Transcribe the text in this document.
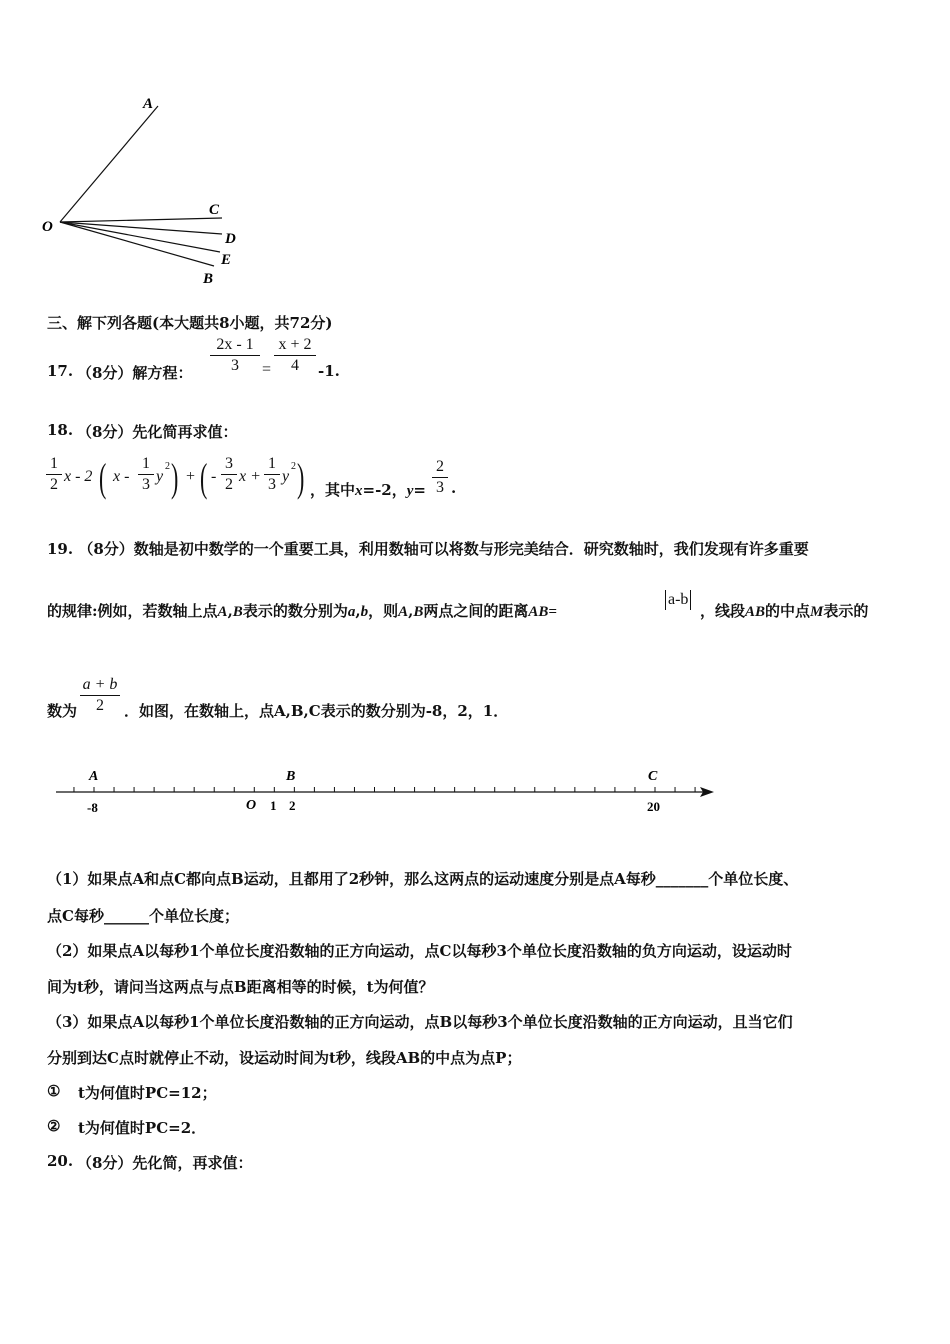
A
O
C
D
E
B
三、解下列各题(本大题共8小题，共72分)
17. （8分）解方程：
2x - 1
3	=
x + 2
4	-1.
18. （8分）先化简再求值：
1
2 x - 2 ( x -
1
3 y
2 ) + ( -
3
2 x +
1
3 y
2 ) ，其中x=-2，y=
2
3 .
19. （8分）数轴是初中数学的一个重要工具，利用数轴可以将数与形完美结合．研究数轴时，我们发现有许多重要
的规律:例如，若数轴上点A,B表示的数分别为a,b，则A,B两点之间的距离AB=
a-b
，线段AB的中点M表示的
数为
a + b
2	．如图，在数轴上，点A,B,C表示的数分别为-8，2，1．
A	B	C
-8	O 1 2	20
（1）如果点A和点C都向点B运动，且都用了2秒钟，那么这两点的运动速度分别是点A每秒_______个单位长度、
点C每秒______个单位长度；
（2）如果点A以每秒1个单位长度沿数轴的正方向运动，点C以每秒3个单位长度沿数轴的负方向运动，设运动时
间为t秒，请问当这两点与点B距离相等的时候，t为何值？
（3）如果点A以每秒1个单位长度沿数轴的正方向运动，点B以每秒3个单位长度沿数轴的正方向运动，且当它们
分别到达C点时就停止不动，设运动时间为t秒，线段AB的中点为点P；
① t为何值时PC=12；
② t为何值时PC=2．
20. （8分）先化简，再求值：
